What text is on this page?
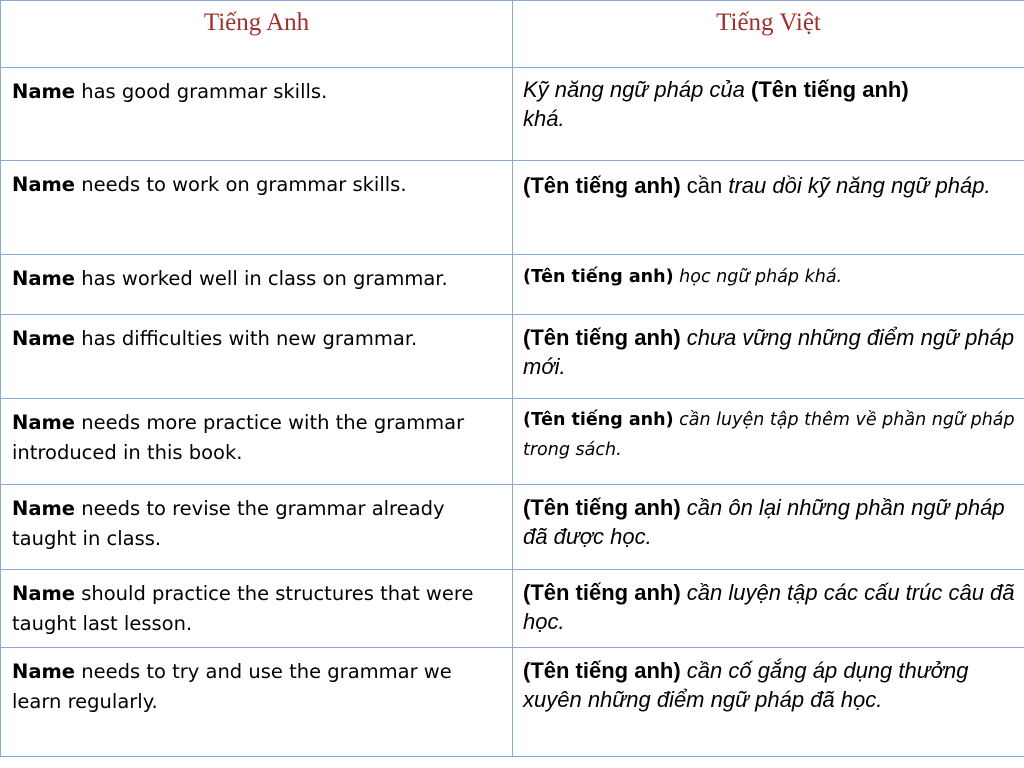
Tiếng Anh	Tiếng Việt
Name has good grammar skills.	Kỹ năng ngữ pháp của (Tên tiếng anh) khá.
Name needs to work on grammar skills.	(Tên tiếng anh) cần trau dồi kỹ năng ngữ pháp.
Name has worked well in class on grammar.	(Tên tiếng anh) học ngữ pháp khá.
Name has difficulties with new grammar.	(Tên tiếng anh) chưa vững những điểm ngữ pháp mới.
Name needs more practice with the grammar introduced in this book.	(Tên tiếng anh) cần luyện tập thêm về phần ngữ pháp trong sách.
Name needs to revise the grammar already taught in class.	(Tên tiếng anh) cần ôn lại những phần ngữ pháp đã được học.
Name should practice the structures that were taught last lesson.	(Tên tiếng anh) cần luyện tập các cấu trúc câu đã học.
Name needs to try and use the grammar we learn regularly.	(Tên tiếng anh) cần cố gắng áp dụng thưởng xuyên những điểm ngữ pháp đã học.
